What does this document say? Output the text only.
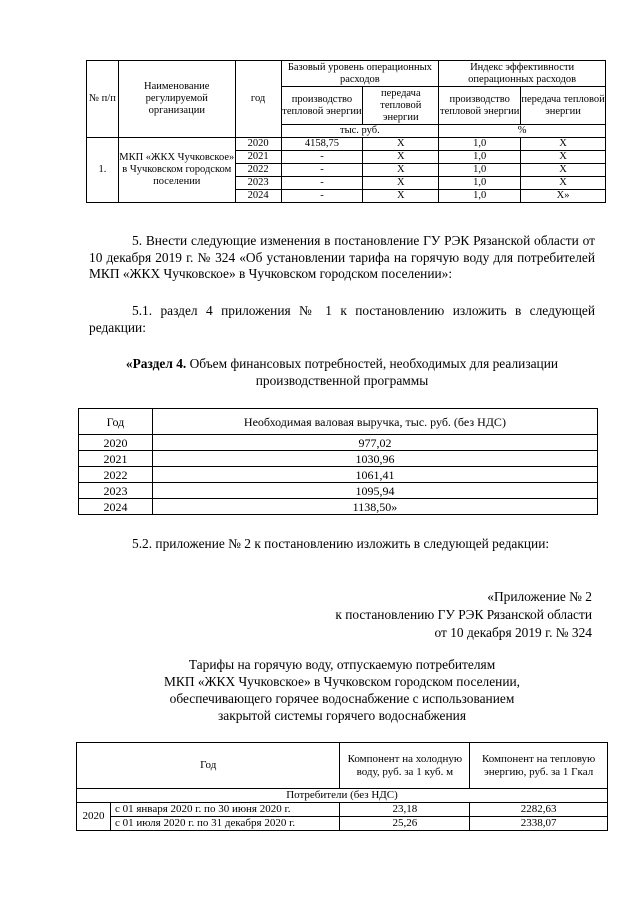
№ п/п	Наименование регулируемой организации	год	Базовый уровень операционных расходов		Индекс эффективности операционных расходов	
			производство тепловой энергии	передача тепловой энергии	производство тепловой энергии	передача тепловой энергии
			тыс. руб.		%	
1.	МКП «ЖКХ Чучковское» в Чучковском городском поселении	2020	4158,75	Х	1,0	Х
		2021	-	Х	1,0	Х
		2022	-	Х	1,0	Х
		2023	-	Х	1,0	Х
		2024	-	Х	1,0	Х»
5. Внести следующие изменения в постановление ГУ РЭК Рязанской области от 10 декабря 2019 г. № 324 «Об установлении тарифа на горячую воду для потребителей МКП «ЖКХ Чучковское» в Чучковском городском поселении»:
5.1. раздел 4 приложения № 1 к постановлению изложить в следующей редакции:
«Раздел 4. Объем финансовых потребностей, необходимых для реализации производственной программы
Год	Необходимая валовая выручка, тыс. руб. (без НДС)
2020	977,02
2021	1030,96
2022	1061,41
2023	1095,94
2024	1138,50»
5.2. приложение № 2 к постановлению изложить в следующей редакции:
«Приложение № 2
к постановлению ГУ РЭК Рязанской области
от 10 декабря 2019 г. № 324
Тарифы на горячую воду, отпускаемую потребителям
МКП «ЖКХ Чучковское» в Чучковском городском поселении,
обеспечивающего горячее водоснабжение с использованием
закрытой системы горячего водоснабжения
Год		Компонент на холодную воду, руб. за 1 куб. м	Компонент на тепловую энергию, руб. за 1 Гкал
Потребители (без НДС)			
2020	с 01 января 2020 г. по 30 июня 2020 г.	23,18	2282,63
	с 01 июля 2020 г. по 31 декабря 2020 г.	25,26	2338,07
